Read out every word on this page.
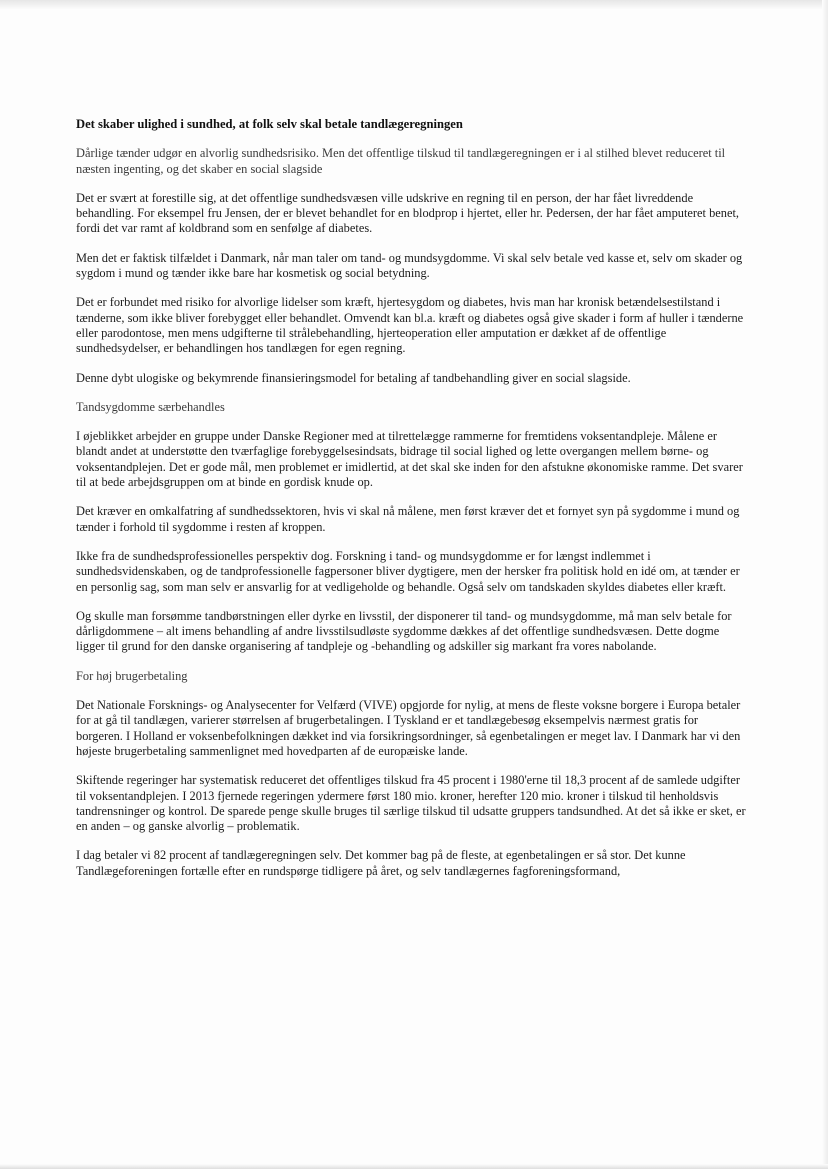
Det skaber ulighed i sundhed, at folk selv skal betale tandlægeregningen

Dårlige tænder udgør en alvorlig sundhedsrisiko. Men det offentlige tilskud til tandlægeregningen er i al stilhed blevet reduceret til næsten ingenting, og det skaber en social slagside

Det er svært at forestille sig, at det offentlige sundhedsvæsen ville udskrive en regning til en person, der har fået livreddende behandling. For eksempel fru Jensen, der er blevet behandlet for en blodprop i hjertet, eller hr. Pedersen, der har fået amputeret benet, fordi det var ramt af koldbrand som en senfølge af diabetes.

Men det er faktisk tilfældet i Danmark, når man taler om tand- og mundsygdomme. Vi skal selv betale ved kasse et, selv om skader og sygdom i mund og tænder ikke bare har kosmetisk og social betydning.

Det er forbundet med risiko for alvorlige lidelser som kræft, hjertesygdom og diabetes, hvis man har kronisk betændelsestilstand i tænderne, som ikke bliver forebygget eller behandlet. Omvendt kan bl.a. kræft og diabetes også give skader i form af huller i tænderne eller parodontose, men mens udgifterne til strålebehandling, hjerteoperation eller amputation er dækket af de offentlige sundhedsydelser, er behandlingen hos tandlægen for egen regning.

Denne dybt ulogiske og bekymrende finansieringsmodel for betaling af tandbehandling giver en social slagside.

Tandsygdomme særbehandles

I øjeblikket arbejder en gruppe under Danske Regioner med at tilrettelægge rammerne for fremtidens voksentandpleje. Målene er blandt andet at understøtte den tværfaglige forebyggelsesindsats, bidrage til social lighed og lette overgangen mellem børne- og voksentandplejen. Det er gode mål, men problemet er imidlertid, at det skal ske inden for den afstukne økonomiske ramme. Det svarer til at bede arbejdsgruppen om at binde en gordisk knude op.

Det kræver en omkalfatring af sundhedssektoren, hvis vi skal nå målene, men først kræver det et fornyet syn på sygdomme i mund og tænder i forhold til sygdomme i resten af kroppen.

Ikke fra de sundhedsprofessionelles perspektiv dog. Forskning i tand- og mundsygdomme er for længst indlemmet i sundhedsvidenskaben, og de tandprofessionelle fagpersoner bliver dygtigere, men der hersker fra politisk hold en idé om, at tænder er en personlig sag, som man selv er ansvarlig for at vedligeholde og behandle. Også selv om tandskaden skyldes diabetes eller kræft.

Og skulle man forsømme tandbørstningen eller dyrke en livsstil, der disponerer til tand- og mundsygdomme, må man selv betale for dårligdommene – alt imens behandling af andre livsstilsudløste sygdomme dækkes af det offentlige sundhedsvæsen. Dette dogme ligger til grund for den danske organisering af tandpleje og -behandling og adskiller sig markant fra vores nabolande.

For høj brugerbetaling

Det Nationale Forsknings- og Analysecenter for Velfærd (VIVE) opgjorde for nylig, at mens de fleste voksne borgere i Europa betaler for at gå til tandlægen, varierer størrelsen af brugerbetalingen. I Tyskland er et tandlægebesøg eksempelvis nærmest gratis for borgeren. I Holland er voksenbefolkningen dækket ind via forsikringsordninger, så egenbetalingen er meget lav. I Danmark har vi den højeste brugerbetaling sammenlignet med hovedparten af de europæiske lande.

Skiftende regeringer har systematisk reduceret det offentliges tilskud fra 45 procent i 1980'erne til 18,3 procent af de samlede udgifter til voksentandplejen. I 2013 fjernede regeringen ydermere først 180 mio. kroner, herefter 120 mio. kroner i tilskud til henholdsvis tandrensninger og kontrol. De sparede penge skulle bruges til særlige tilskud til udsatte gruppers tandsundhed. At det så ikke er sket, er en anden – og ganske alvorlig – problematik.

I dag betaler vi 82 procent af tandlægeregningen selv. Det kommer bag på de fleste, at egenbetalingen er så stor. Det kunne Tandlægeforeningen fortælle efter en rundspørge tidligere på året, og selv tandlægernes fagforeningsformand,
